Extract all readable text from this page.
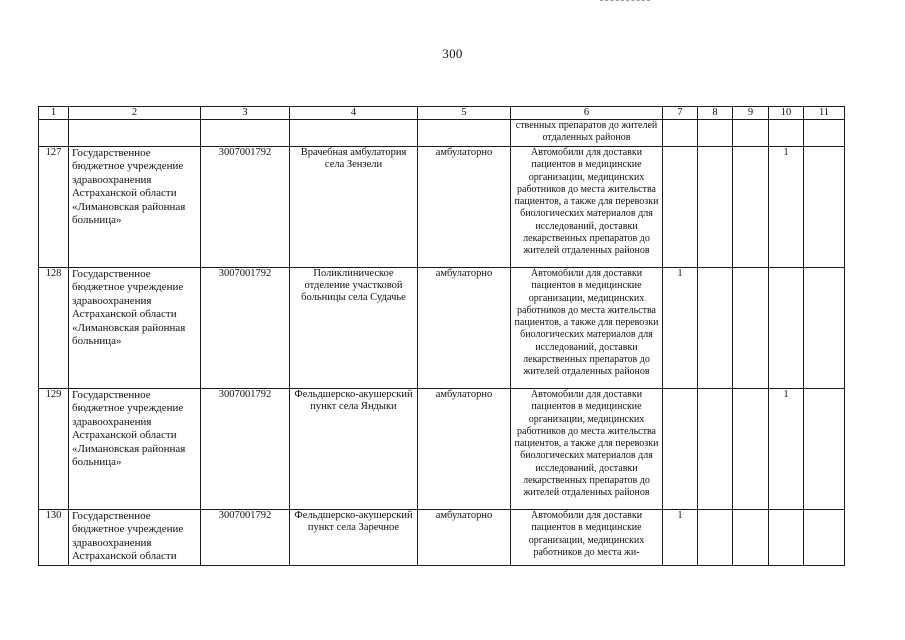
300
1	2	3	4	5	6	7	8	9	10	11
					ственных препаратов до жителей отдаленных районов					
127	Государственное бюджетное учреждение здравоохранения Астраханской области «Лимановская районная больница»	3007001792	Врачебная амбулатория села Зензели	амбулаторно	Автомобили для доставки пациентов в медицинские организации, медицинских работников до места жительства пациентов, а также для перевозки биологических материалов для исследований, доставки лекарственных препаратов до жителей отдаленных районов				1	
128	Государственное бюджетное учреждение здравоохранения Астраханской области «Лимановская районная больница»	3007001792	Поликлиническое отделение участковой больницы села Судачье	амбулаторно	Автомобили для доставки пациентов в медицинские организации, медицинских работников до места жительства пациентов, а также для перевозки биологических материалов для исследований, доставки лекарственных препаратов до жителей отдаленных районов	1				
129	Государственное бюджетное учреждение здравоохранения Астраханской области «Лимановская районная больница»	3007001792	Фельдшерско-акушерский пункт села Яндыки	амбулаторно	Автомобили для доставки пациентов в медицинские организации, медицинских работников до места жительства пациентов, а также для перевозки биологических материалов для исследований, доставки лекарственных препаратов до жителей отдаленных районов				1	
130	Государственное бюджетное учреждение здравоохранения Астраханской области	3007001792	Фельдшерско-акушерский пункт села Заречное	амбулаторно	Автомобили для доставки пациентов в медицинские организации, медицинских работников до места жи-	1				
